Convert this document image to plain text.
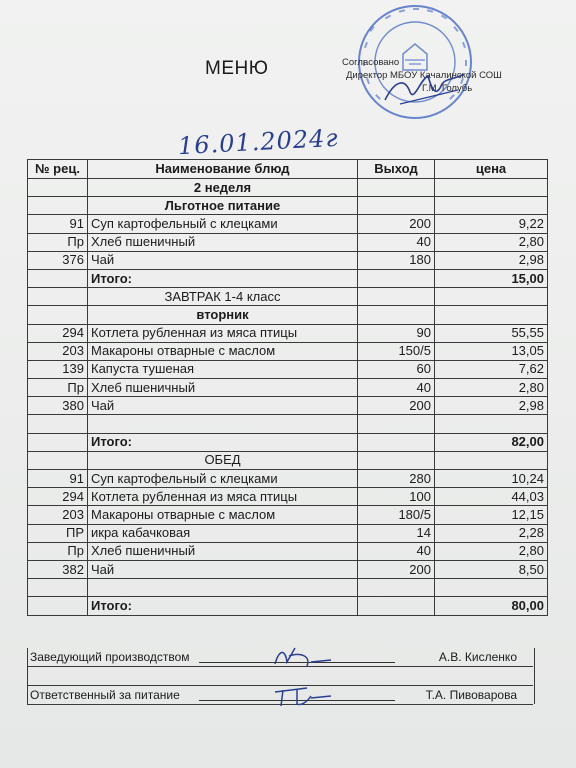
МЕНЮ	Согласовано
Директор МБОУ Качалинской СОШ
Г.М. Голубь
16.01.2024г
№ рец.	Наименование блюд	Выход	цена
	2 неделя		
	Льготное питание		
91	Суп картофельный с клецками	200	9,22
Пр	Хлеб пшеничный	40	2,80
376	Чай	180	2,98
	Итого:		15,00
	ЗАВТРАК 1-4 класс		
	вторник		
294	Котлета рубленная из мяса птицы	90	55,55
203	Макароны отварные с маслом	150/5	13,05
139	Капуста тушеная	60	7,62
Пр	Хлеб пшеничный	40	2,80
380	Чай	200	2,98

	Итого:		82,00
	ОБЕД		
91	Суп картофельный с клецками	280	10,24
294	Котлета рубленная из мяса птицы	100	44,03
203	Макароны отварные с маслом	180/5	12,15
ПР	икра кабачковая	14	2,28
Пр	Хлеб пшеничный	40	2,80
382	Чай	200	8,50

	Итого:		80,00
Заведующий производством	А.В. Кисленко
Ответственный за питание	Т.А. Пивоварова
